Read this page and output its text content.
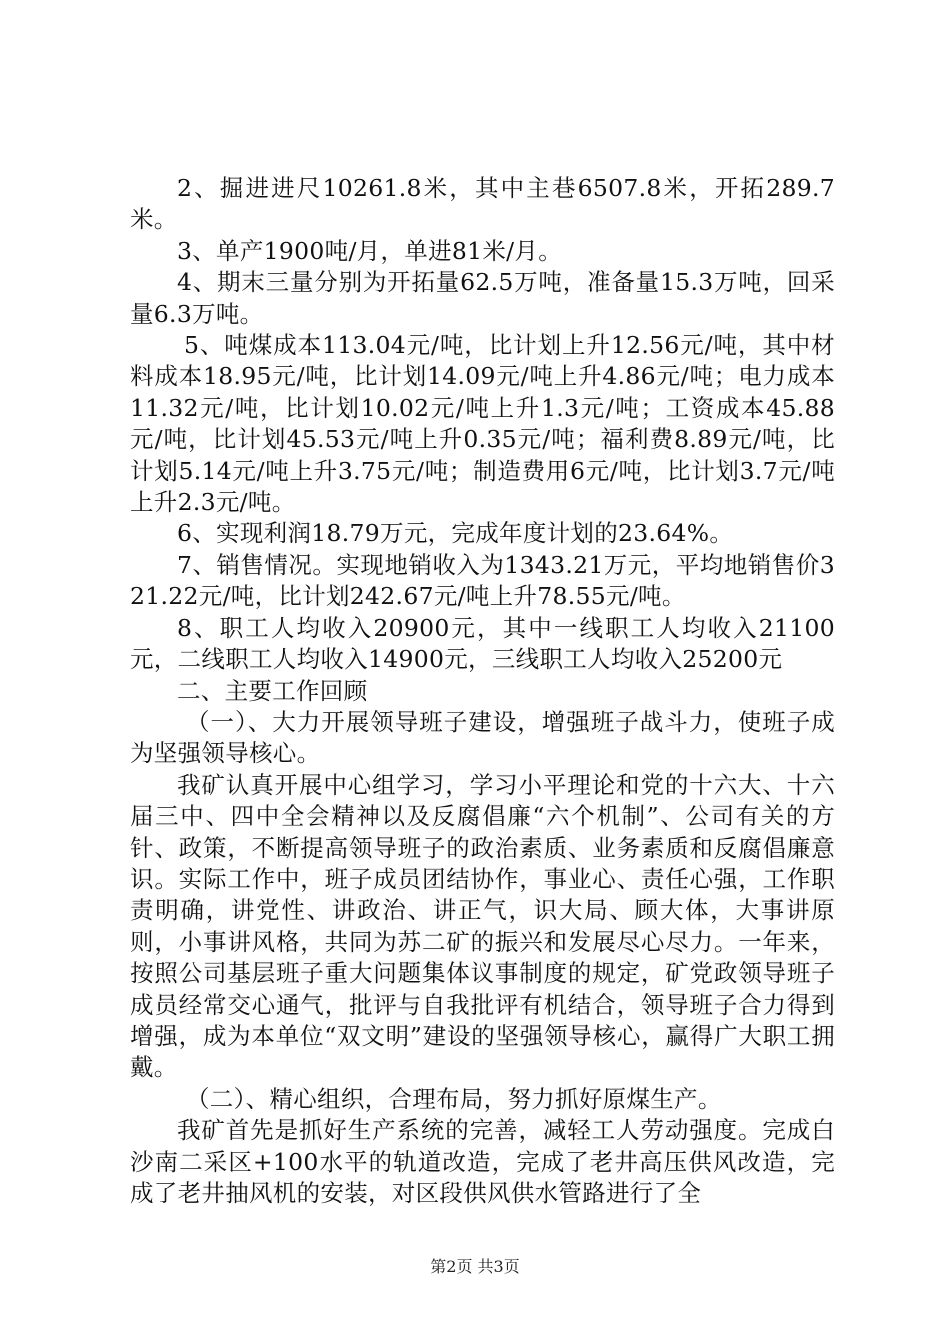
2、掘进进尺10261.8米，其中主巷6507.8米，开拓289.7米。

3、单产1900吨/月，单进81米/月。

4、期末三量分别为开拓量62.5万吨，准备量15.3万吨，回采量6.3万吨。

5、吨煤成本113.04元/吨，比计划上升12.56元/吨，其中材料成本18.95元/吨，比计划14.09元/吨上升4.86元/吨；电力成本11.32元/吨，比计划10.02元/吨上升1.3元/吨；工资成本45.88元/吨，比计划45.53元/吨上升0.35元/吨；福利费8.89元/吨，比计划5.14元/吨上升3.75元/吨；制造费用6元/吨，比计划3.7元/吨上升2.3元/吨。

6、实现利润18.79万元，完成年度计划的23.64%。

7、销售情况。实现地销收入为1343.21万元，平均地销售价321.22元/吨，比计划242.67元/吨上升78.55元/吨。

8、职工人均收入20900元，其中一线职工人均收入21100元，二线职工人均收入14900元，三线职工人均收入25200元

二、主要工作回顾

（一）、大力开展领导班子建设，增强班子战斗力，使班子成为坚强领导核心。

我矿认真开展中心组学习，学习小平理论和党的十六大、十六届三中、四中全会精神以及反腐倡廉“六个机制”、公司有关的方针、政策，不断提高领导班子的政治素质、业务素质和反腐倡廉意识。实际工作中，班子成员团结协作，事业心、责任心强，工作职责明确，讲党性、讲政治、讲正气，识大局、顾大体，大事讲原则，小事讲风格，共同为苏二矿的振兴和发展尽心尽力。一年来，按照公司基层班子重大问题集体议事制度的规定，矿党政领导班子成员经常交心通气，批评与自我批评有机结合，领导班子合力得到增强，成为本单位“双文明”建设的坚强领导核心，赢得广大职工拥戴。

（二）、精心组织，合理布局，努力抓好原煤生产。

我矿首先是抓好生产系统的完善，减轻工人劳动强度。完成白沙南二采区+100水平的轨道改造，完成了老井高压供风改造，完成了老井抽风机的安装，对区段供风供水管路进行了全

第2页 共3页
